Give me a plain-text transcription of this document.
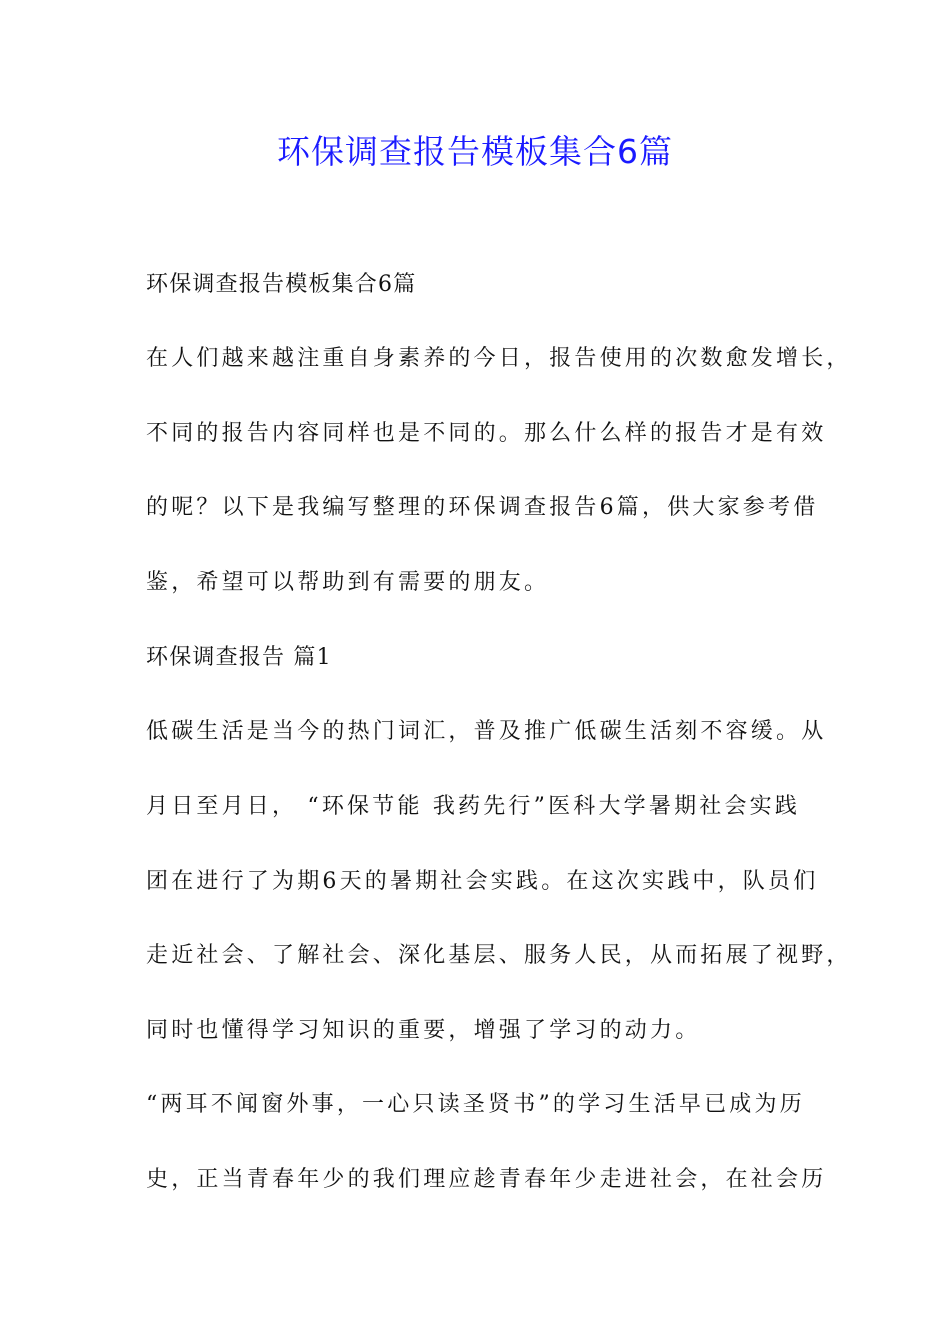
环保调查报告模板集合6篇

环保调查报告模板集合6篇

在人们越来越注重自身素养的今日，报告使用的次数愈发增长，

不同的报告内容同样也是不同的。那么什么样的报告才是有效

的呢？以下是我编写整理的环保调查报告6篇，供大家参考借

鉴，希望可以帮助到有需要的朋友。

环保调查报告 篇1

低碳生活是当今的热门词汇，普及推广低碳生活刻不容缓。从

月日至月日， “环保节能 我药先行”医科大学暑期社会实践

团在进行了为期6天的暑期社会实践。在这次实践中，队员们

走近社会、了解社会、深化基层、服务人民，从而拓展了视野，

同时也懂得学习知识的重要，增强了学习的动力。

“两耳不闻窗外事，一心只读圣贤书”的学习生活早已成为历

史，正当青春年少的我们理应趁青春年少走进社会，在社会历
